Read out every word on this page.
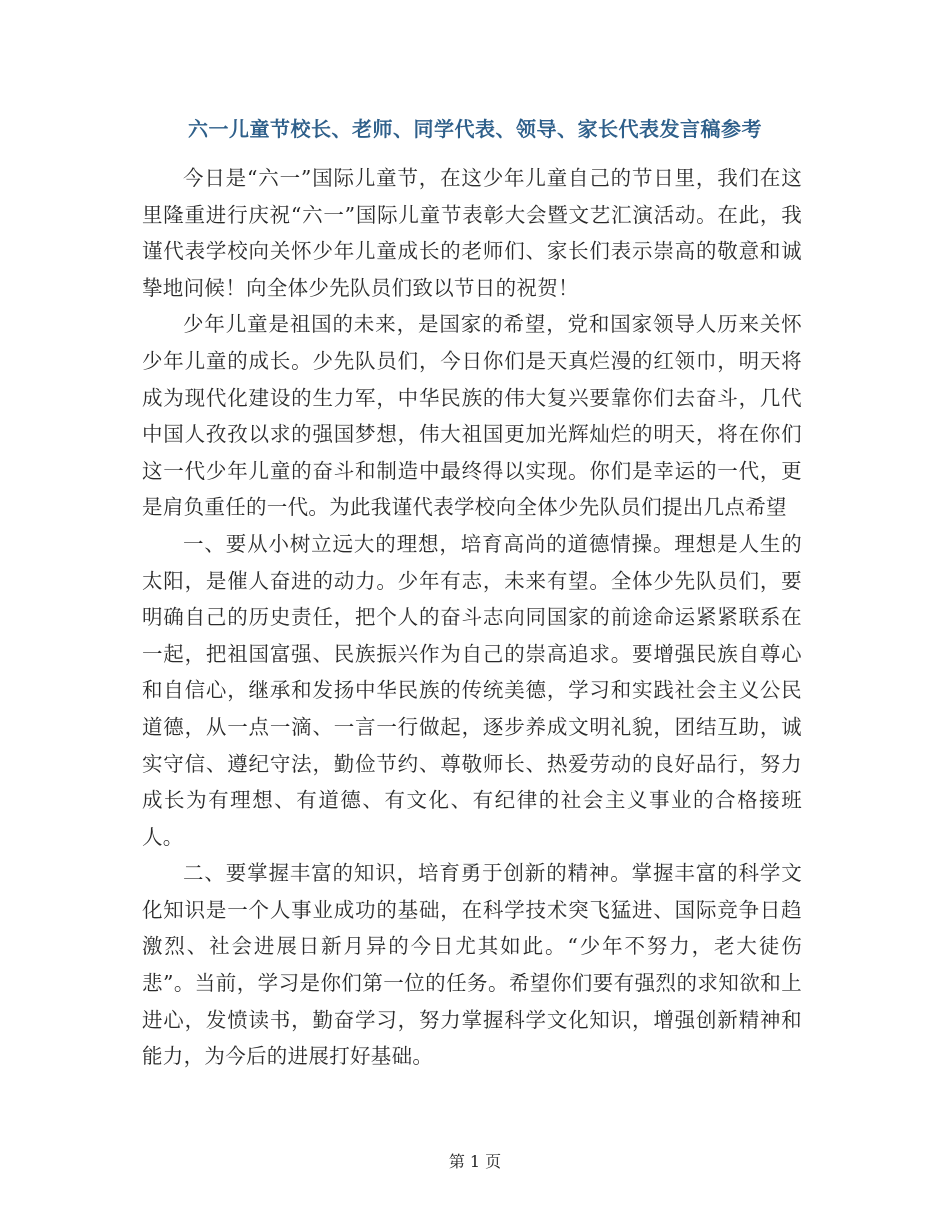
六一儿童节校长、老师、同学代表、领导、家长代表发言稿参考

今日是“六一”国际儿童节，在这少年儿童自己的节日里，我们在这里隆重进行庆祝“六一”国际儿童节表彰大会暨文艺汇演活动。在此，我谨代表学校向关怀少年儿童成长的老师们、家长们表示崇高的敬意和诚挚地问候！向全体少先队员们致以节日的祝贺！

少年儿童是祖国的未来，是国家的希望，党和国家领导人历来关怀少年儿童的成长。少先队员们，今日你们是天真烂漫的红领巾，明天将成为现代化建设的生力军，中华民族的伟大复兴要靠你们去奋斗，几代中国人孜孜以求的强国梦想，伟大祖国更加光辉灿烂的明天，将在你们这一代少年儿童的奋斗和制造中最终得以实现。你们是幸运的一代，更是肩负重任的一代。为此我谨代表学校向全体少先队员们提出几点希望

一、要从小树立远大的理想，培育高尚的道德情操。理想是人生的太阳，是催人奋进的动力。少年有志，未来有望。全体少先队员们，要明确自己的历史责任，把个人的奋斗志向同国家的前途命运紧紧联系在一起，把祖国富强、民族振兴作为自己的崇高追求。要增强民族自尊心和自信心，继承和发扬中华民族的传统美德，学习和实践社会主义公民道德，从一点一滴、一言一行做起，逐步养成文明礼貌，团结互助，诚实守信、遵纪守法，勤俭节约、尊敬师长、热爱劳动的良好品行，努力成长为有理想、有道德、有文化、有纪律的社会主义事业的合格接班人。

二、要掌握丰富的知识，培育勇于创新的精神。掌握丰富的科学文化知识是一个人事业成功的基础，在科学技术突飞猛进、国际竞争日趋激烈、社会进展日新月异的今日尤其如此。“少年不努力，老大徒伤悲”。当前，学习是你们第一位的任务。希望你们要有强烈的求知欲和上进心，发愤读书，勤奋学习，努力掌握科学文化知识，增强创新精神和能力，为今后的进展打好基础。

第 1 页
